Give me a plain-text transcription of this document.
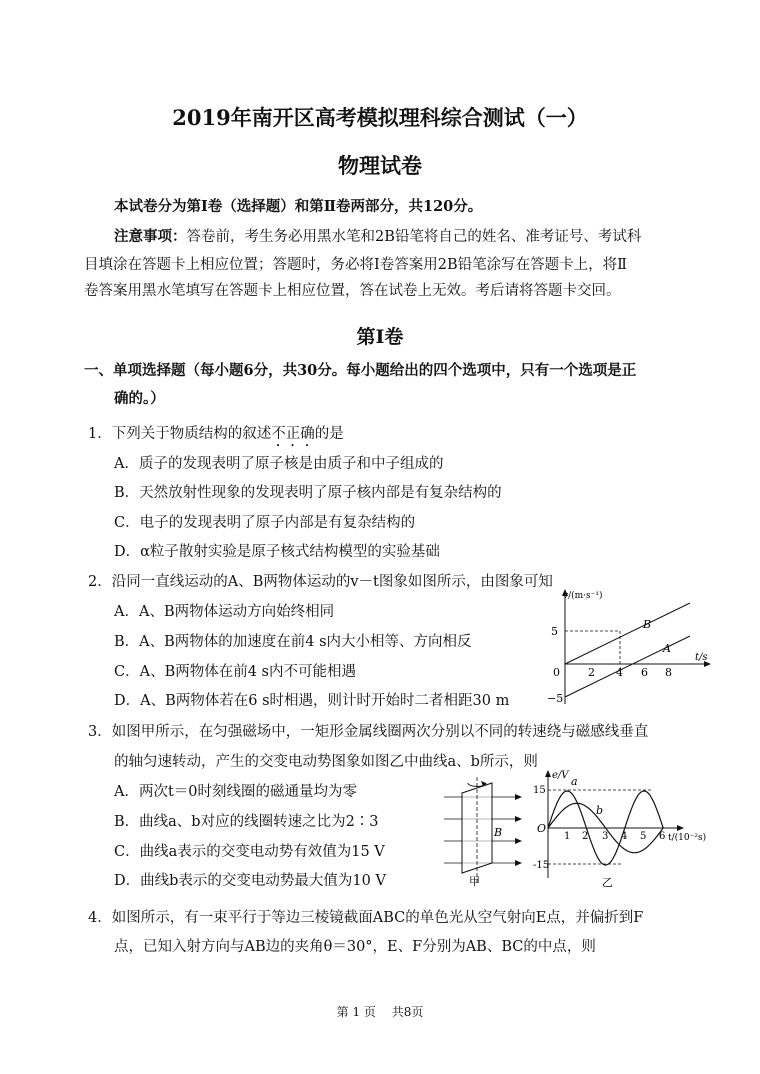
2019年南开区高考模拟理科综合测试（一）
物理试卷
本试卷分为第Ⅰ卷（选择题）和第Ⅱ卷两部分，共120分。
注意事项：答卷前，考生务必用黑水笔和2B铅笔将自己的姓名、准考证号、考试科
目填涂在答题卡上相应位置；答题时，务必将Ⅰ卷答案用2B铅笔涂写在答题卡上，将Ⅱ
卷答案用黑水笔填写在答题卡上相应位置，答在试卷上无效。考后请将答题卡交回。
第Ⅰ卷
一、单项选择题（每小题6分，共30分。每小题给出的四个选项中，只有一个选项是正
确的。）
1．下列关于物质结构的叙述不正确的是
A．质子的发现表明了原子核是由质子和中子组成的
B．天然放射性现象的发现表明了原子核内部是有复杂结构的
C．电子的发现表明了原子内部是有复杂结构的
D．α粒子散射实验是原子核式结构模型的实验基础
2．沿同一直线运动的A、B两物体运动的v－t图象如图所示，由图象可知
A．A、B两物体运动方向始终相同
B．A、B两物体的加速度在前4 s内大小相等、方向相反
C．A、B两物体在前4 s内不可能相遇
D．A、B两物体若在6 s时相遇，则计时开始时二者相距30 m
v/(m·s⁻¹)
t/s
5
0
−5
2 4 6 8
B
A
3．如图甲所示，在匀强磁场中，一矩形金属线圈两次分别以不同的转速绕与磁感线垂直
的轴匀速转动，产生的交变电动势图象如图乙中曲线a、b所示，则
A．两次t＝0时刻线圈的磁通量均为零
B．曲线a、b对应的线圈转速之比为2∶3
C．曲线a表示的交变电动势有效值为15 V
D．曲线b表示的交变电动势最大值为10 V
B
甲
e/V
t/(10⁻²s)
15
-15
O
1 2 3 4 5 6
a
b
乙
4．如图所示，有一束平行于等边三棱镜截面ABC的单色光从空气射向E点，并偏折到F
点，已知入射方向与AB边的夹角θ＝30°，E、F分别为AB、BC的中点，则
第 1 页　 共8页
